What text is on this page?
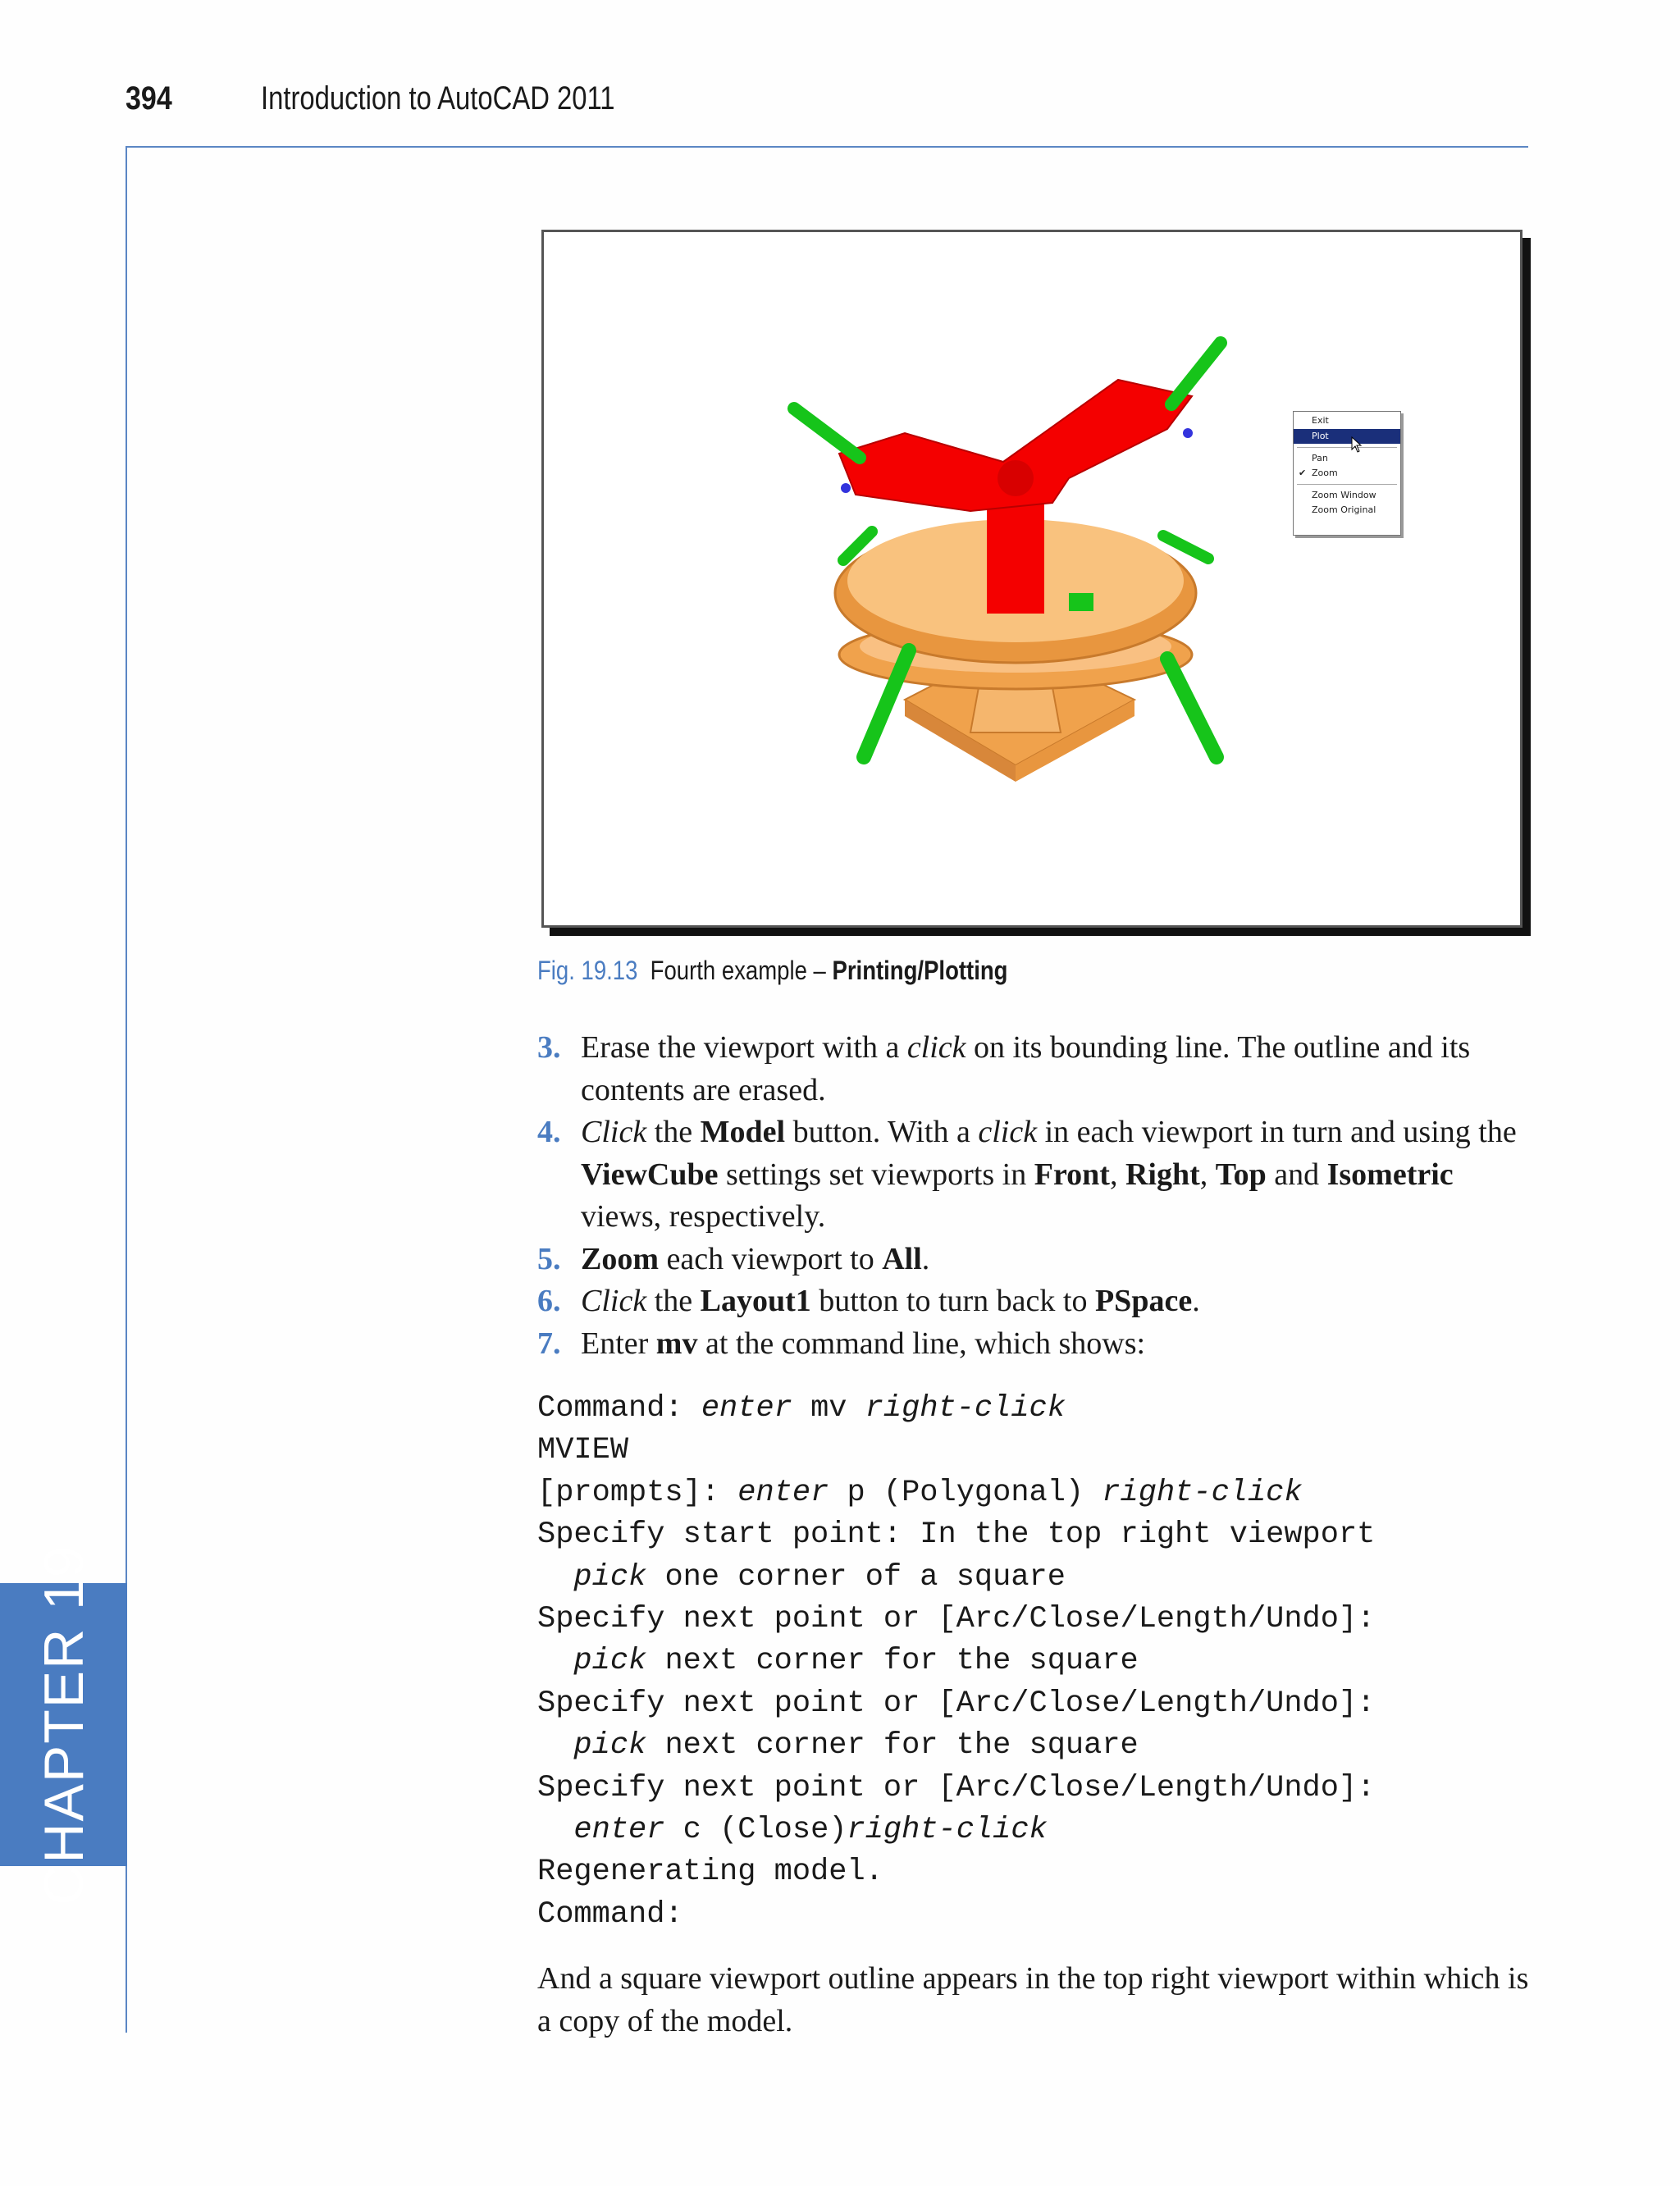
394	Introduction to AutoCAD 2011
CHAPTER 19
Exit
Plot
Pan
✔ Zoom
Zoom Window
Zoom Original
Fig. 19.13 Fourth example – Printing/Plotting
3. Erase the viewport with a click on its bounding line. The outline and its contents are erased.
4. Click the Model button. With a click in each viewport in turn and using the ViewCube settings set viewports in Front, Right, Top and Isometric views, respectively.
5. Zoom each viewport to All.
6. Click the Layout1 button to turn back to PSpace.
7. Enter mv at the command line, which shows:
Command: enter mv right-click
MVIEW
[prompts]: enter p (Polygonal) right-click
Specify start point: In the top right viewport
pick one corner of a square
Specify next point or [Arc/Close/Length/Undo]:
pick next corner for the square
Specify next point or [Arc/Close/Length/Undo]:
pick next corner for the square
Specify next point or [Arc/Close/Length/Undo]:
enter c (Close)right-click
Regenerating model.
Command:
And a square viewport outline appears in the top right viewport within which is a copy of the model.
